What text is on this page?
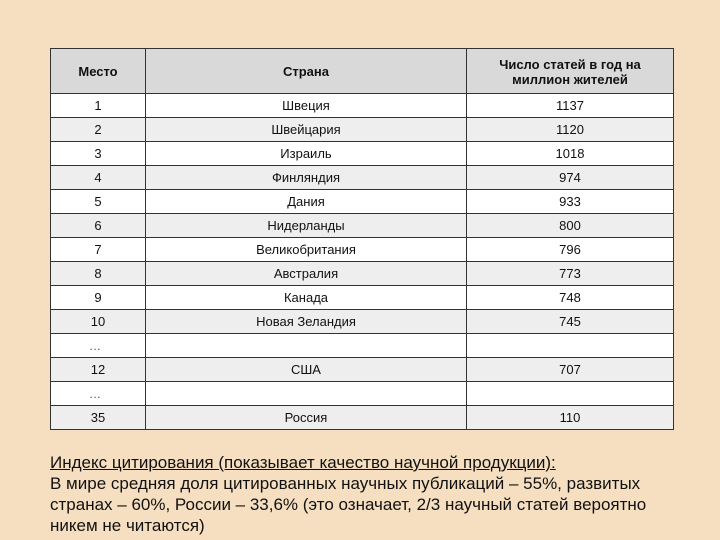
Место	Страна	Число статей в год на миллион жителей
1	Швеция	1137
2	Швейцария	1120
3	Израиль	1018
4	Финляндия	974
5	Дания	933
6	Нидерланды	800
7	Великобритания	796
8	Австралия	773
9	Канада	748
10	Новая Зеландия	745
…		
12	США	707
…		
35	Россия	110
Индекс цитирования (показывает качество научной продукции):
В мире средняя доля цитированных научных публикаций – 55%, развитых странах – 60%, России – 33,6% (это означает, 2/3 научный статей вероятно никем не читаются)
